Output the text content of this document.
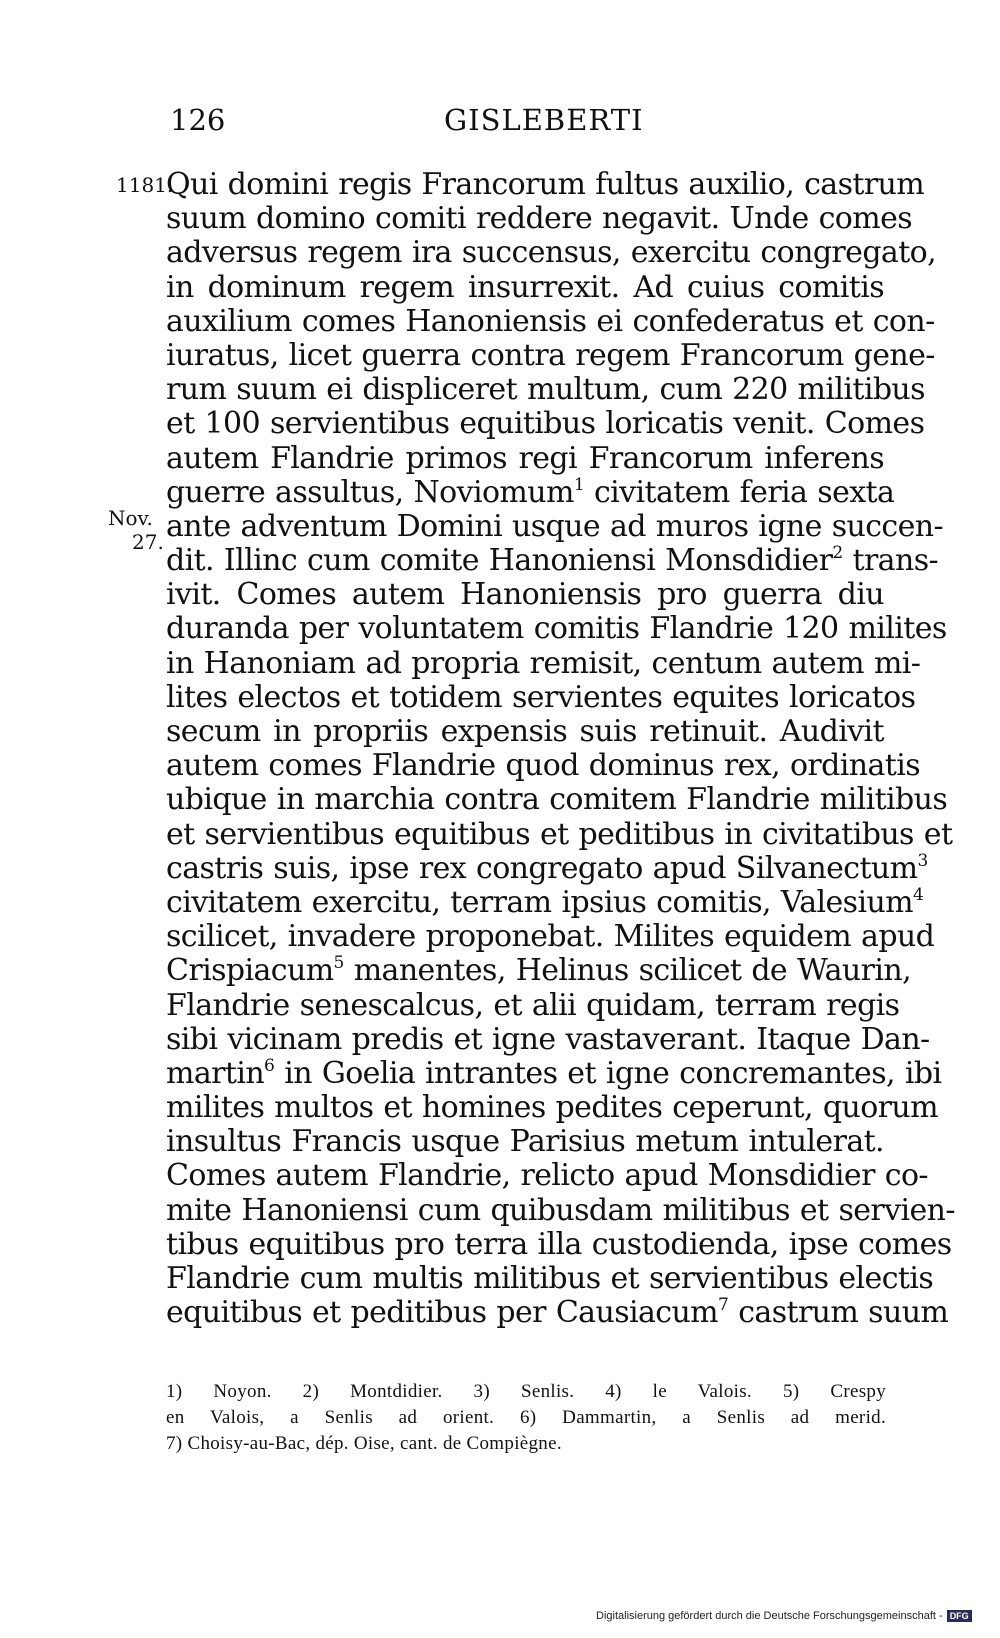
126	GISLEBERTI
1181.
Nov.
27.
Qui domini regis Francorum fultus auxilio, castrum
suum domino comiti reddere negavit. Unde comes
adversus regem ira succensus, exercitu congregato,
in dominum regem insurrexit. Ad cuius comitis
auxilium comes Hanoniensis ei confederatus et con-
iuratus, licet guerra contra regem Francorum gene-
rum suum ei displiceret multum, cum 220 militibus
et 100 servientibus equitibus loricatis venit. Comes
autem Flandrie primos regi Francorum inferens
guerre assultus, Noviomum$^1$ civitatem feria sexta
ante adventum Domini usque ad muros igne succen-
dit. Illinc cum comite Hanoniensi Monsdidier$^2$ trans-
ivit. Comes autem Hanoniensis pro guerra diu
duranda per voluntatem comitis Flandrie 120 milites
in Hanoniam ad propria remisit, centum autem mi-
lites electos et totidem servientes equites loricatos
secum in propriis expensis suis retinuit. Audivit
autem comes Flandrie quod dominus rex, ordinatis
ubique in marchia contra comitem Flandrie militibus
et servientibus equitibus et peditibus in civitatibus et
castris suis, ipse rex congregato apud Silvanectum$^3$
civitatem exercitu, terram ipsius comitis, Valesium$^4$
scilicet, invadere proponebat. Milites equidem apud
Crispiacum$^5$ manentes, Helinus scilicet de Waurin,
Flandrie senescalcus, et alii quidam, terram regis
sibi vicinam predis et igne vastaverant. Itaque Dan-
martin$^6$ in Goelia intrantes et igne concremantes, ibi
milites multos et homines pedites ceperunt, quorum
insultus Francis usque Parisius metum intulerat.
Comes autem Flandrie, relicto apud Monsdidier co-
mite Hanoniensi cum quibusdam militibus et servien-
tibus equitibus pro terra illa custodienda, ipse comes
Flandrie cum multis militibus et servientibus electis
equitibus et peditibus per Causiacum$^7$ castrum suum
1) Noyon. 2) Montdidier. 3) Senlis. 4) le Valois. 5) Crespy
en Valois, a Senlis ad orient. 6) Dammartin, a Senlis ad merid.
7) Choisy-au-Bac, dép. Oise, cant. de Compiègne.
Digitalisierung gefördert durch die Deutsche Forschungsgemeinschaft - DFG
